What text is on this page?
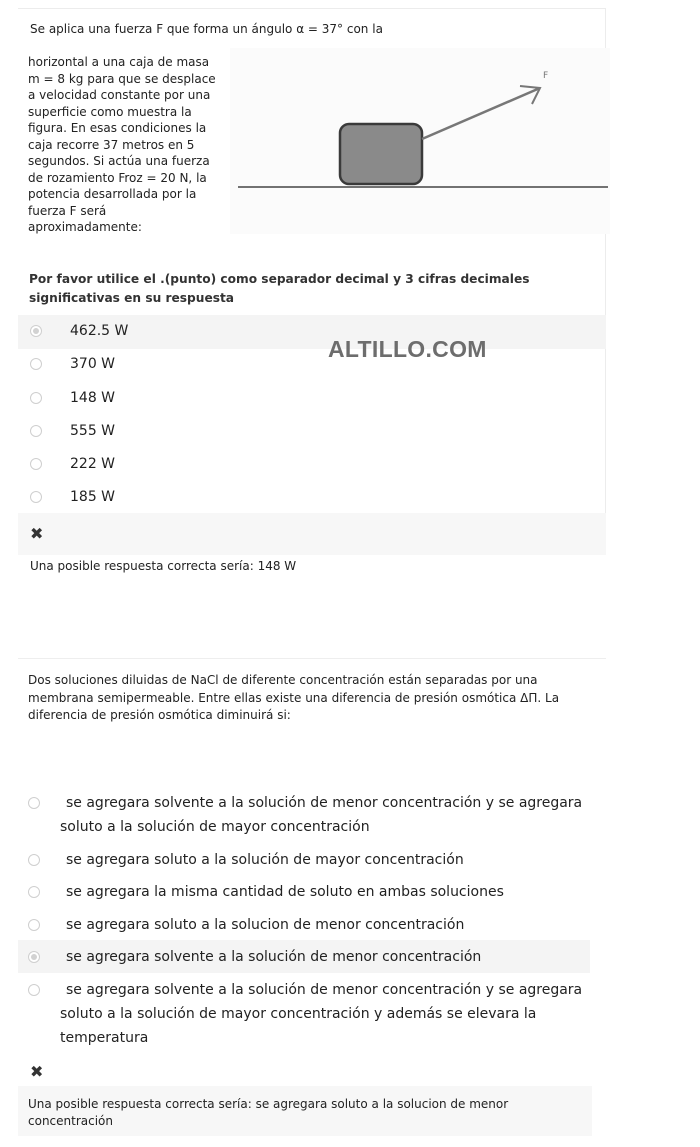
Se aplica una fuerza F que forma un ángulo α = 37° con la
horizontal a una caja de masa
m = 8 kg para que se desplace
a velocidad constante por una
superficie como muestra la
figura. En esas condiciones la
caja recorre 37 metros en 5
segundos. Si actúa una fuerza
de rozamiento Froz = 20 N, la
potencia desarrollada por la
fuerza F será
aproximadamente:
F
Por favor utilice el .(punto) como separador decimal y 3 cifras decimales significativas en su respuesta
462.5 W
370 W
148 W
555 W
222 W
185 W
ALTILLO.COM
✖
Una posible respuesta correcta sería: 148 W
Dos soluciones diluidas de NaCl de diferente concentración están separadas por una membrana semipermeable. Entre ellas existe una diferencia de presión osmótica ΔΠ. La diferencia de presión osmótica diminuirá si:
se agregara solvente a la solución de menor concentración y se agregara soluto a la solución de mayor concentración
se agregara soluto a la solución de mayor concentración
se agregara la misma cantidad de soluto en ambas soluciones
se agregara soluto a la solucion de menor concentración
se agregara solvente a la solución de menor concentración
se agregara solvente a la solución de menor concentración y se agregara soluto a la solución de mayor concentración y además se elevara la temperatura
✖
Una posible respuesta correcta sería: se agregara soluto a la solucion de menor concentración
